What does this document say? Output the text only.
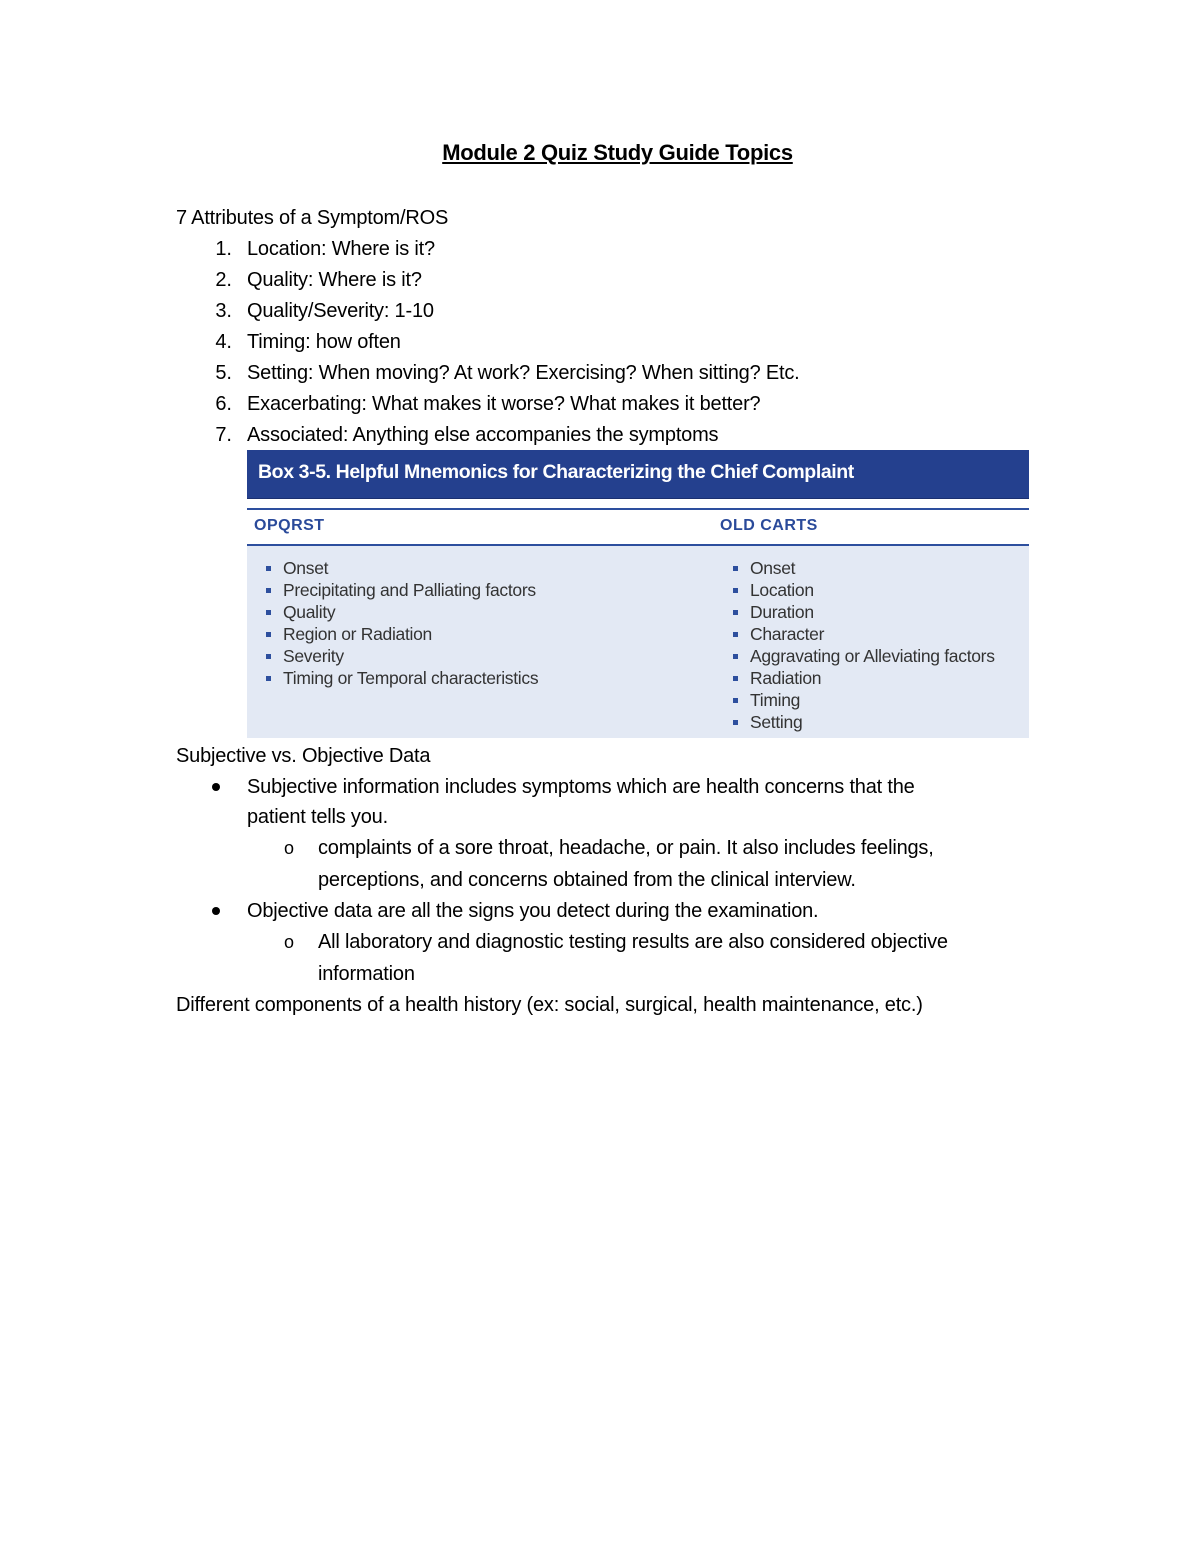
Module 2 Quiz Study Guide Topics
7 Attributes of a Symptom/ROS
1. Location: Where is it?
2. Quality: Where is it?
3. Quality/Severity: 1-10
4. Timing: how often
5. Setting: When moving? At work? Exercising? When sitting? Etc.
6. Exacerbating: What makes it worse? What makes it better?
7. Associated: Anything else accompanies the symptoms
Box 3-5. Helpful Mnemonics for Characterizing the Chief Complaint
OPQRST	OLD CARTS
Onset
Precipitating and Palliating factors
Quality
Region or Radiation
Severity
Timing or Temporal characteristics
Onset
Location
Duration
Character
Aggravating or Alleviating factors
Radiation
Timing
Setting
Subjective vs. Objective Data
Subjective information includes symptoms which are health concerns that the
patient tells you.
o complaints of a sore throat, headache, or pain. It also includes feelings,
perceptions, and concerns obtained from the clinical interview.
Objective data are all the signs you detect during the examination.
o All laboratory and diagnostic testing results are also considered objective
information
Different components of a health history (ex: social, surgical, health maintenance, etc.)
